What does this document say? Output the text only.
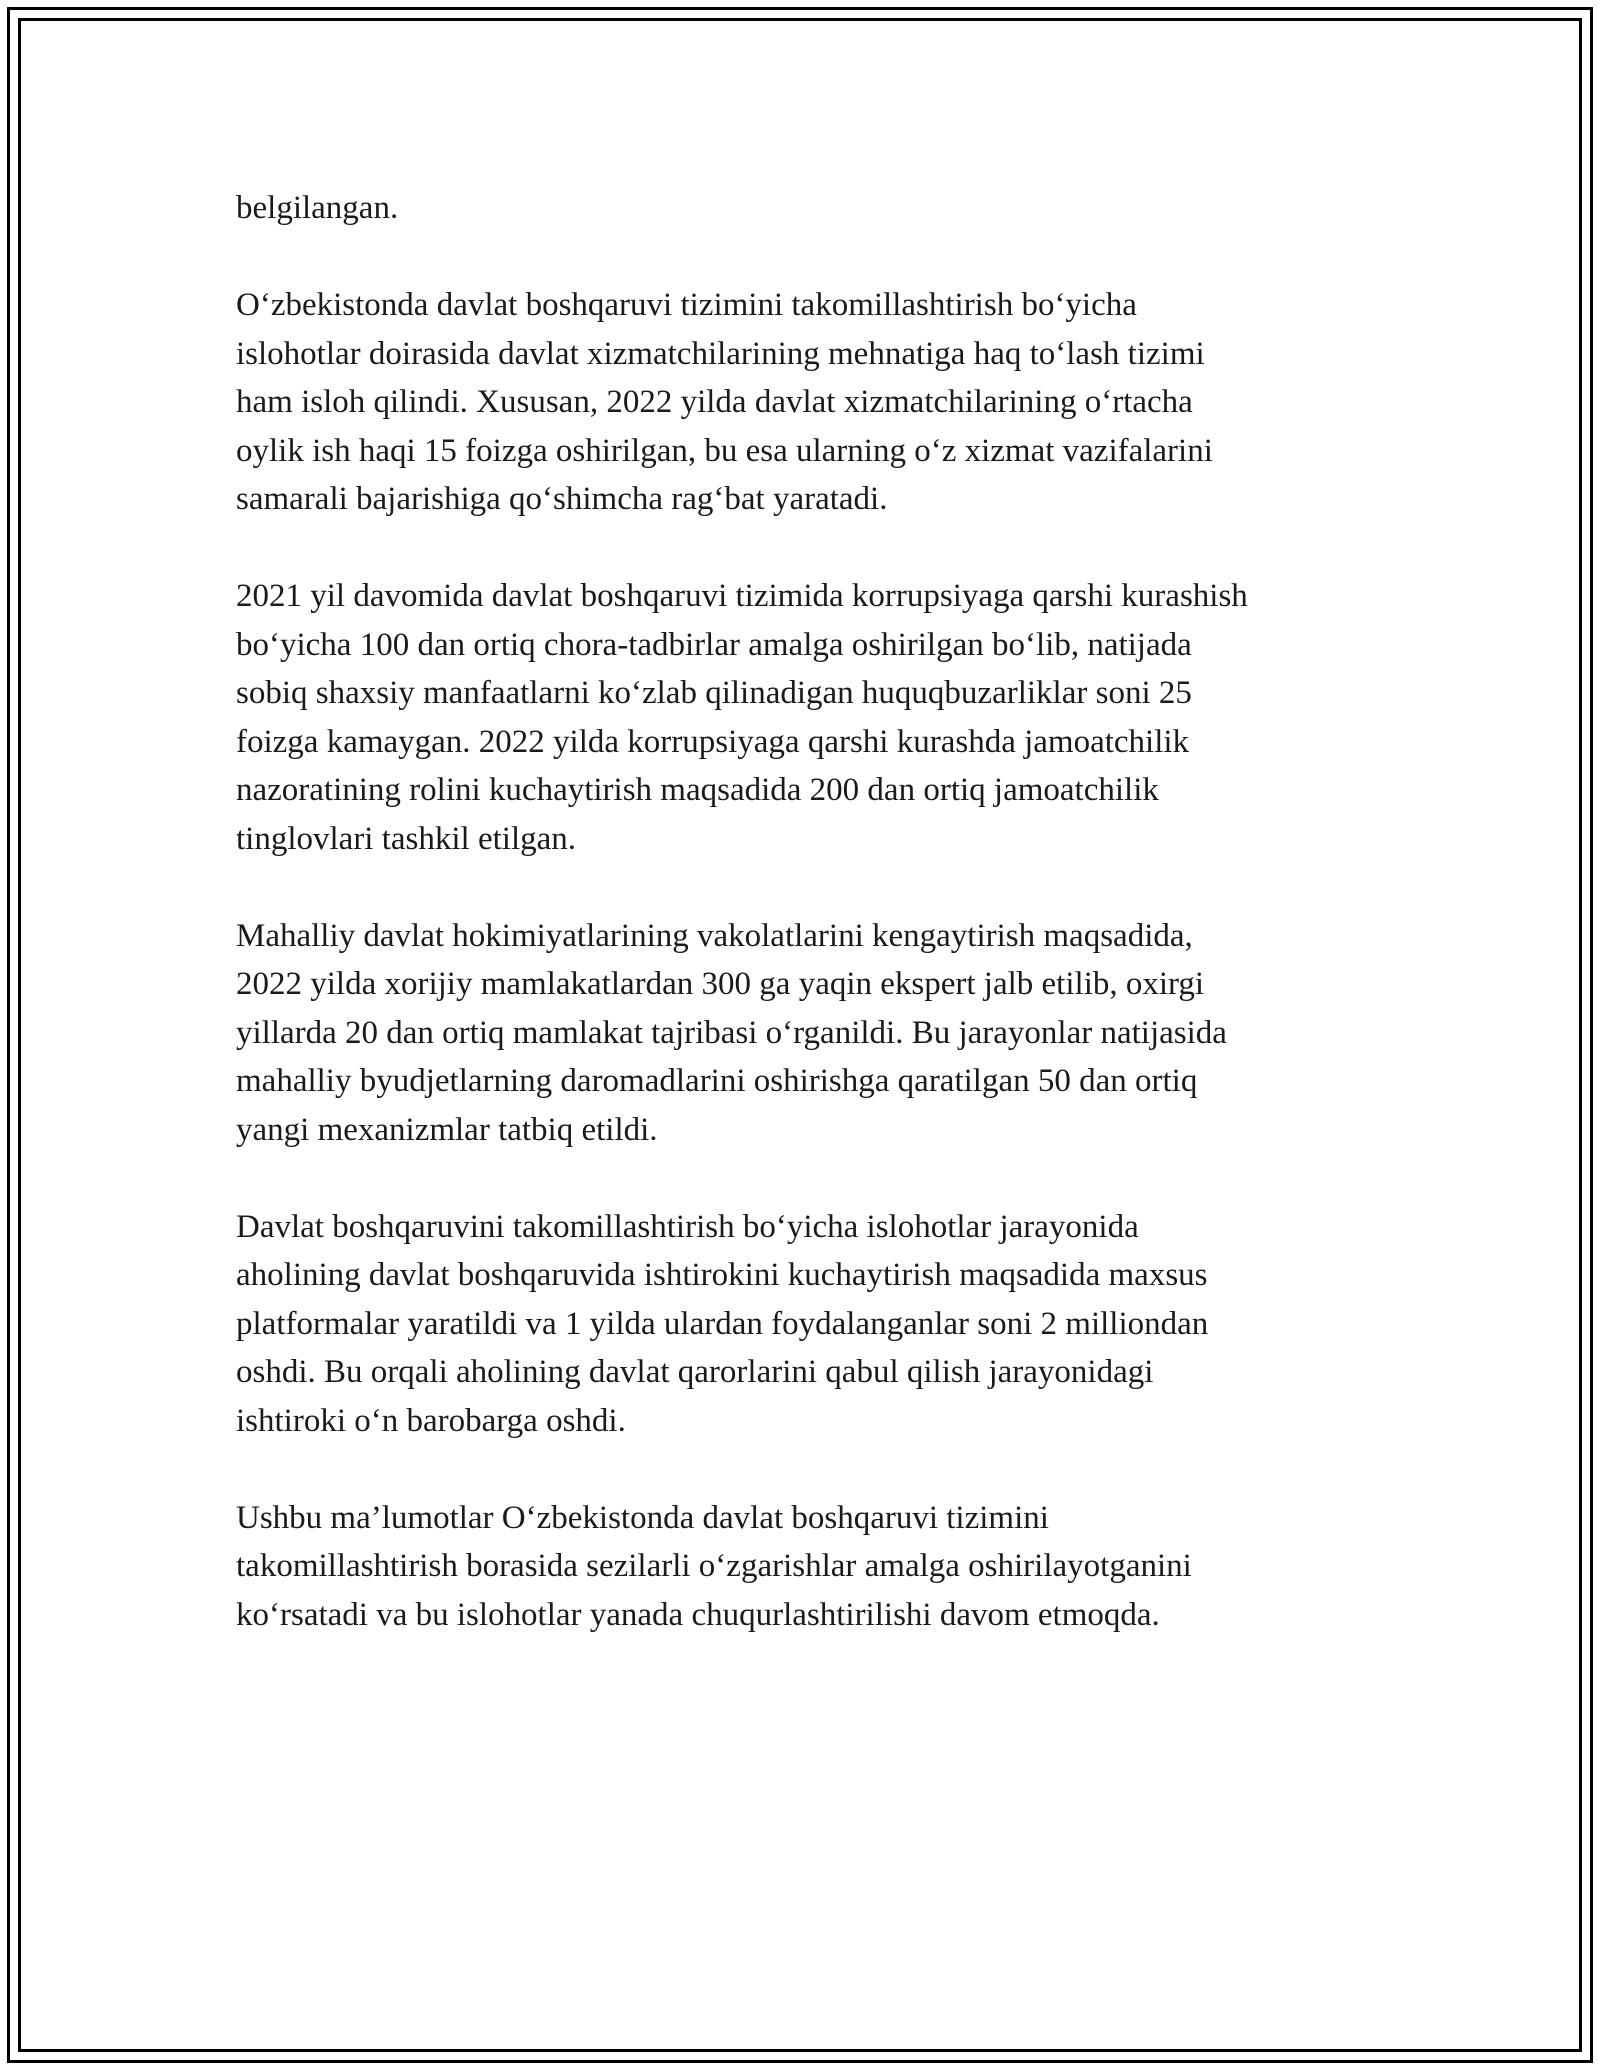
belgilangan.

O‘zbekistonda davlat boshqaruvi tizimini takomillashtirish bo‘yicha
islohotlar doirasida davlat xizmatchilarining mehnatiga haq to‘lash tizimi
ham isloh qilindi. Xususan, 2022 yilda davlat xizmatchilarining o‘rtacha
oylik ish haqi 15 foizga oshirilgan, bu esa ularning o‘z xizmat vazifalarini
samarali bajarishiga qo‘shimcha rag‘bat yaratadi.

2021 yil davomida davlat boshqaruvi tizimida korrupsiyaga qarshi kurashish
bo‘yicha 100 dan ortiq chora-tadbirlar amalga oshirilgan bo‘lib, natijada
sobiq shaxsiy manfaatlarni ko‘zlab qilinadigan huquqbuzarliklar soni 25
foizga kamaygan. 2022 yilda korrupsiyaga qarshi kurashda jamoatchilik
nazoratining rolini kuchaytirish maqsadida 200 dan ortiq jamoatchilik
tinglovlari tashkil etilgan.

Mahalliy davlat hokimiyatlarining vakolatlarini kengaytirish maqsadida,
2022 yilda xorijiy mamlakatlardan 300 ga yaqin ekspert jalb etilib, oxirgi
yillarda 20 dan ortiq mamlakat tajribasi o‘rganildi. Bu jarayonlar natijasida
mahalliy byudjetlarning daromadlarini oshirishga qaratilgan 50 dan ortiq
yangi mexanizmlar tatbiq etildi.

Davlat boshqaruvini takomillashtirish bo‘yicha islohotlar jarayonida
aholining davlat boshqaruvida ishtirokini kuchaytirish maqsadida maxsus
platformalar yaratildi va 1 yilda ulardan foydalanganlar soni 2 milliondan
oshdi. Bu orqali aholining davlat qarorlarini qabul qilish jarayonidagi
ishtiroki o‘n barobarga oshdi.

Ushbu ma’lumotlar O‘zbekistonda davlat boshqaruvi tizimini
takomillashtirish borasida sezilarli o‘zgarishlar amalga oshirilayotganini
ko‘rsatadi va bu islohotlar yanada chuqurlashtirilishi davom etmoqda.
